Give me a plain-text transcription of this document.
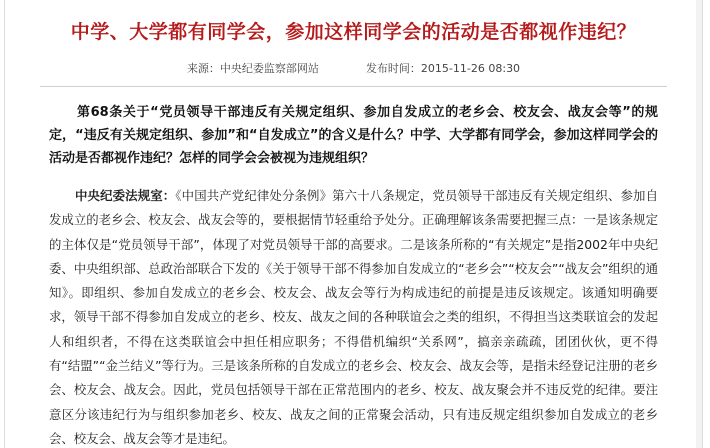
中学、大学都有同学会，参加这样同学会的活动是否都视作违纪？
来源：中央纪委监察部网站	发布时间：2015-11-26 08:30

第68条关于“党员领导干部违反有关规定组织、参加自发成立的老乡会、校友会、战友会等”的规定，“违反有关规定组织、参加”和“自发成立”的含义是什么？中学、大学都有同学会，参加这样同学会的活动是否都视作违纪？怎样的同学会会被视为违规组织？

中央纪委法规室：《中国共产党纪律处分条例》第六十八条规定，党员领导干部违反有关规定组织、参加自发成立的老乡会、校友会、战友会等的，要根据情节轻重给予处分。正确理解该条需要把握三点：一是该条规定的主体仅是“党员领导干部”，体现了对党员领导干部的高要求。二是该条所称的“有关规定”是指2002年中央纪委、中央组织部、总政治部联合下发的《关于领导干部不得参加自发成立的“老乡会”“校友会”“战友会”组织的通知》。即组织、参加自发成立的老乡会、校友会、战友会等行为构成违纪的前提是违反该规定。该通知明确要求，领导干部不得参加自发成立的老乡、校友、战友之间的各种联谊会之类的组织，不得担当这类联谊会的发起人和组织者，不得在这类联谊会中担任相应职务；不得借机编织“关系网”，搞亲亲疏疏，团团伙伙，更不得有“结盟”“金兰结义”等行为。三是该条所称的自发成立的老乡会、校友会、战友会等，是指未经登记注册的老乡会、校友会、战友会。因此，党员包括领导干部在正常范围内的老乡、校友、战友聚会并不违反党的纪律。要注意区分该违纪行为与组织参加老乡、校友、战友之间的正常聚会活动，只有违反规定组织参加自发成立的老乡会、校友会、战友会等才是违纪。
